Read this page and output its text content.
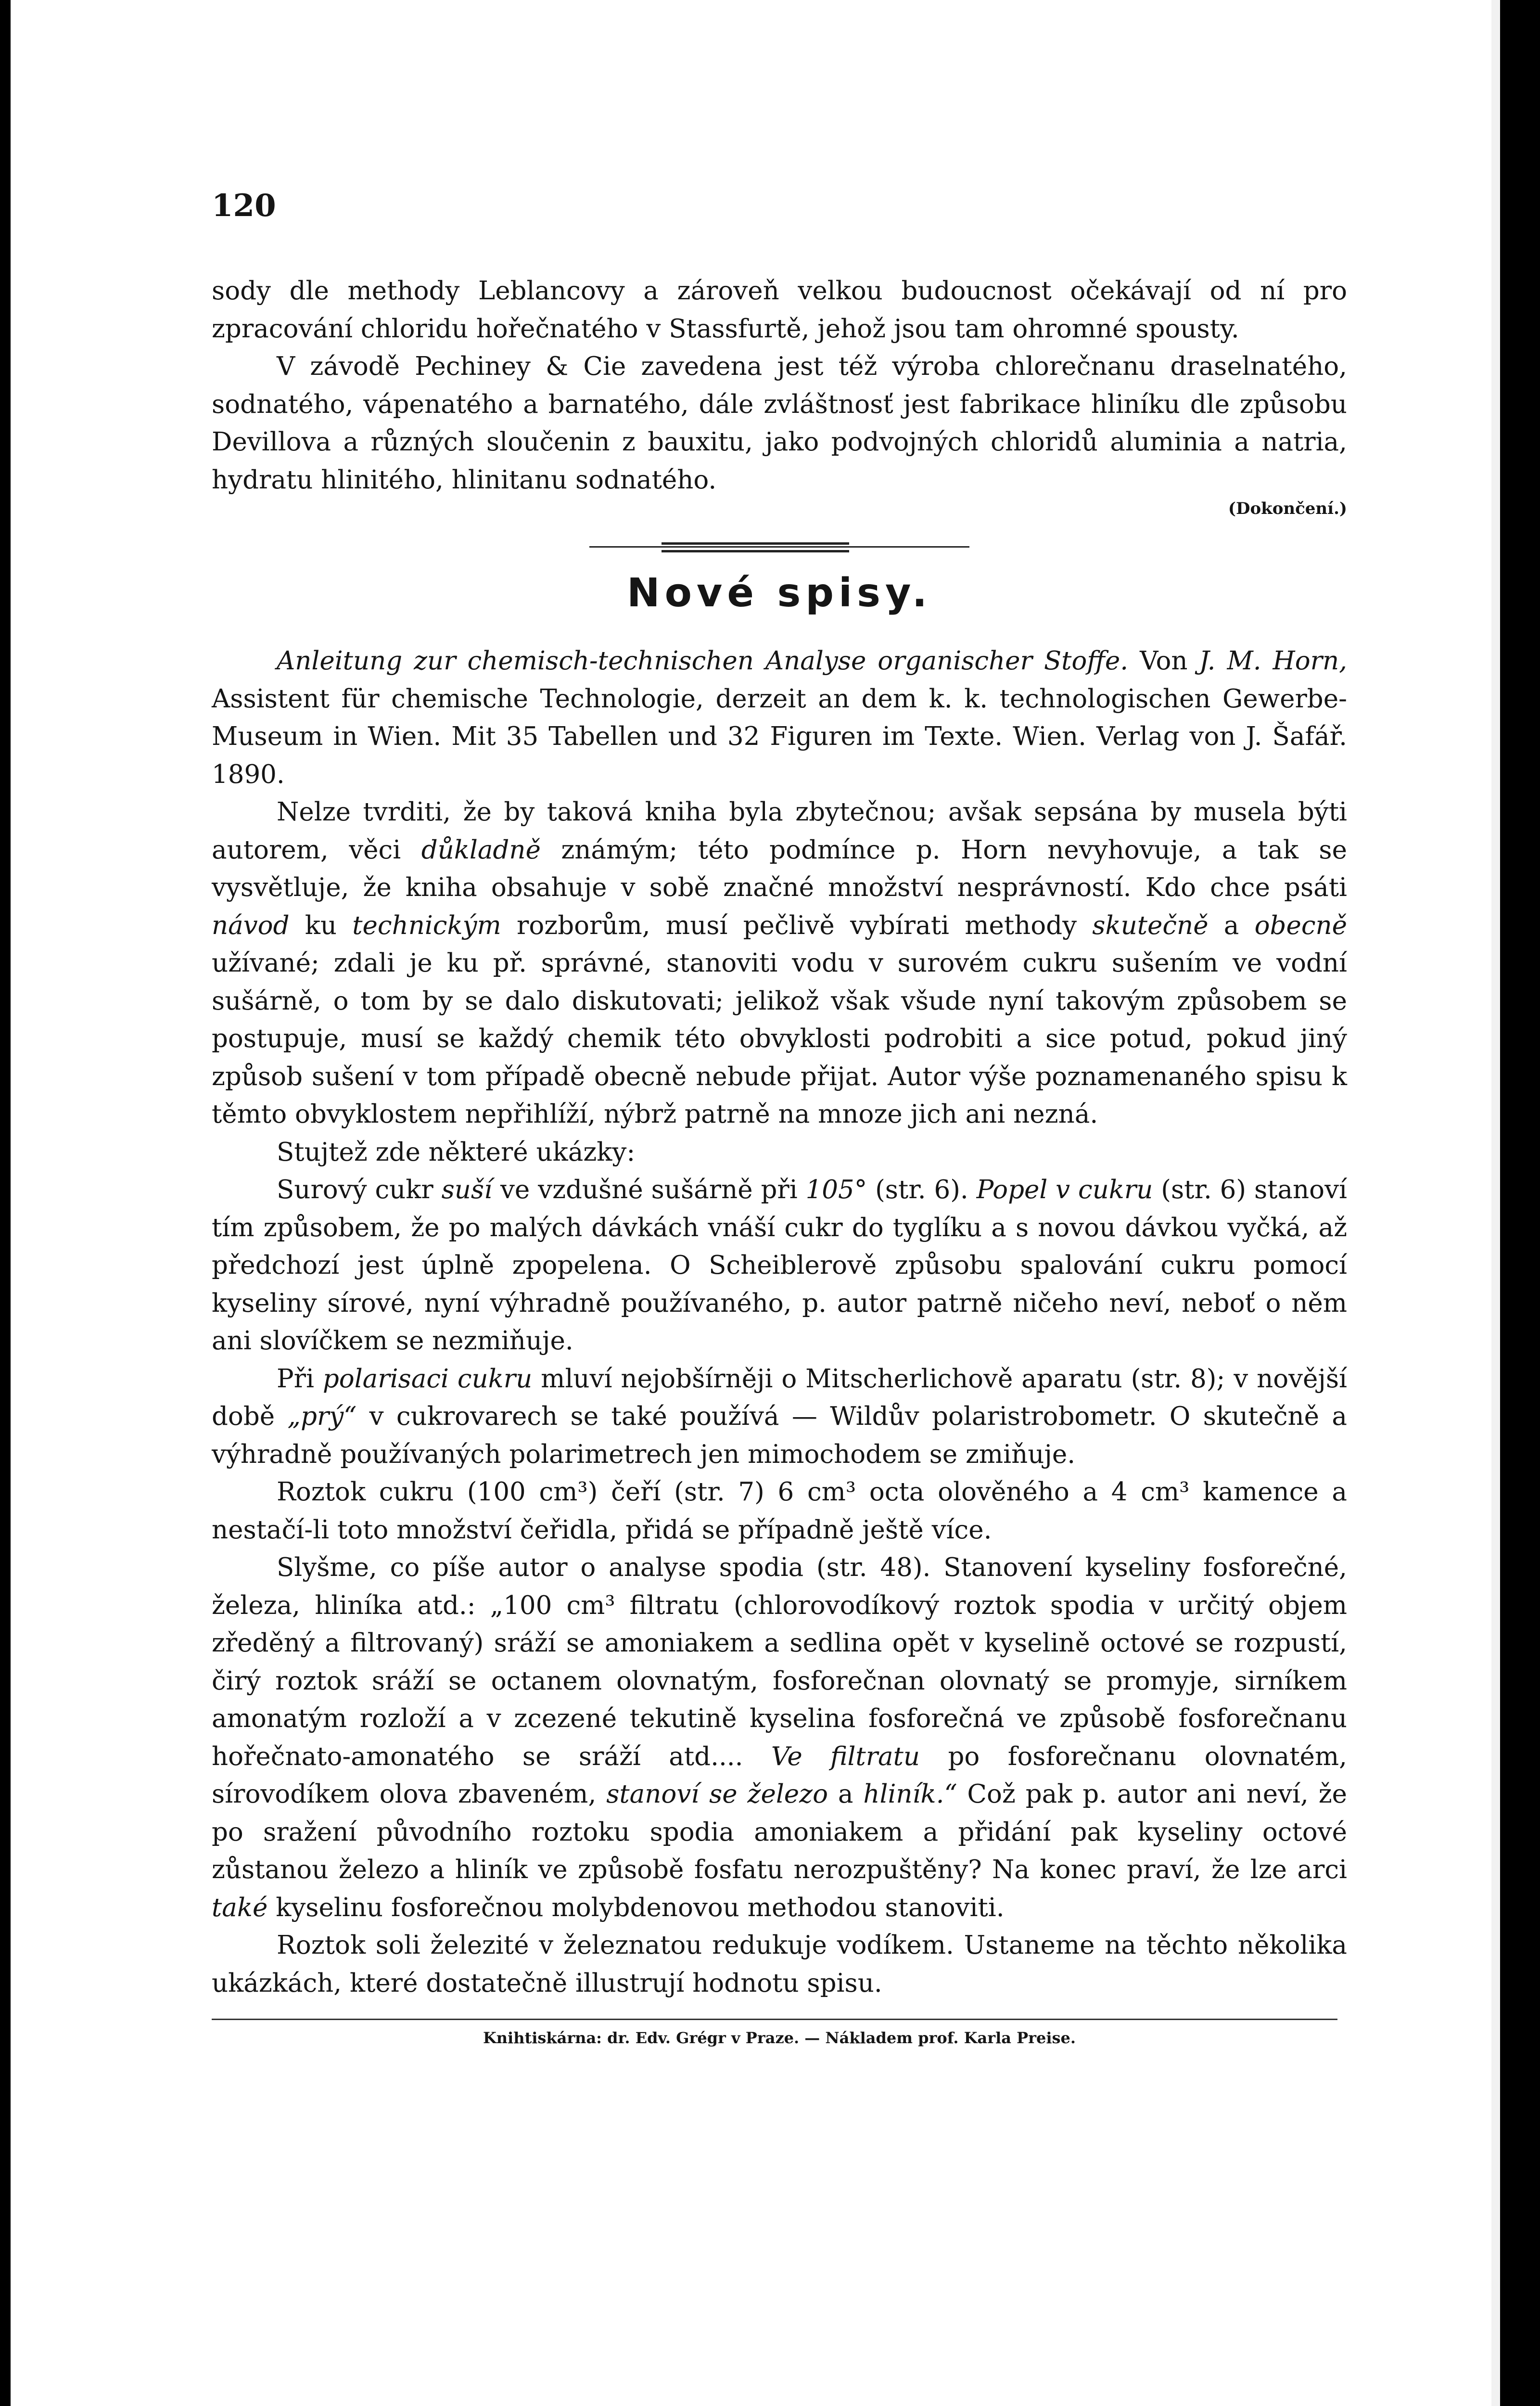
120

sody dle methody Leblancovy a zároveň velkou budoucnost očekávají od ní pro zpracování chloridu hořečnatého v Stassfurtě, jehož jsou tam ohromné spousty.

V závodě Pechiney & Cie zavedena jest též výroba chlorečnanu draselnatého, sodnatého, vápenatého a barnatého, dále zvláštnosť jest fabrikace hliníku dle způsobu Devillova a různých sloučenin z bauxitu, jako podvojných chloridů aluminia a natria, hydratu hlinitého, hlinitanu sodnatého.

(Dokončení.)

Nové spisy.

Anleitung zur chemisch-technischen Analyse organischer Stoffe. Von J. M. Horn, Assistent für chemische Technologie, derzeit an dem k. k. technologischen Gewerbe-Museum in Wien. Mit 35 Tabellen und 32 Figuren im Texte. Wien. Verlag von J. Šafář. 1890.

Nelze tvrditi, že by taková kniha byla zbytečnou; avšak sepsána by musela býti autorem, věci důkladně známým; této podmínce p. Horn nevyhovuje, a tak se vysvětluje, že kniha obsahuje v sobě značné množství nesprávností. Kdo chce psáti návod ku technickým rozborům, musí pečlivě vybírati methody skutečně a obecně užívané; zdali je ku př. správné, stanoviti vodu v surovém cukru sušením ve vodní sušárně, o tom by se dalo diskutovati; jelikož však všude nyní takovým způsobem se postupuje, musí se každý chemik této obvyklosti podrobiti a sice potud, pokud jiný způsob sušení v tom případě obecně nebude přijat. Autor výše poznamenaného spisu k těmto obvyklostem nepřihlíží, nýbrž patrně na mnoze jich ani nezná.

Stujtež zde některé ukázky:

Surový cukr suší ve vzdušné sušárně při 105° (str. 6). Popel v cukru (str. 6) stanoví tím způsobem, že po malých dávkách vnáší cukr do tyglíku a s novou dávkou vyčká, až předchozí jest úplně zpopelena. O Scheiblerově způsobu spalování cukru pomocí kyseliny sírové, nyní výhradně používaného, p. autor patrně ničeho neví, neboť o něm ani slovíčkem se nezmiňuje.

Při polarisaci cukru mluví nejobšírněji o Mitscherlichově aparatu (str. 8); v novější době „prý“ v cukrovarech se také používá — Wildův polaristrobometr. O skutečně a výhradně používaných polarimetrech jen mimochodem se zmiňuje.

Roztok cukru (100 cm³) čeří (str. 7) 6 cm³ octa olověného a 4 cm³ kamence a nestačí-li toto množství čeřidla, přidá se případně ještě více.

Slyšme, co píše autor o analyse spodia (str. 48). Stanovení kyseliny fosforečné, železa, hliníka atd.: „100 cm³ filtratu (chlorovodíkový roztok spodia v určitý objem zředěný a filtrovaný) sráží se amoniakem a sedlina opět v kyselině octové se rozpustí, čirý roztok sráží se octanem olovnatým, fosforečnan olovnatý se promyje, sirníkem amonatým rozloží a v zcezené tekutině kyselina fosforečná ve způsobě fosforečnanu hořečnato-amonatého se sráží atd.... Ve filtratu po fosforečnanu olovnatém, sírovodíkem olova zbaveném, stanoví se železo a hliník.“ Což pak p. autor ani neví, že po sražení původního roztoku spodia amoniakem a přidání pak kyseliny octové zůstanou železo a hliník ve způsobě fosfatu nerozpuštěny? Na konec praví, že lze arci také kyselinu fosforečnou molybdenovou methodou stanoviti.

Roztok soli železité v železnatou redukuje vodíkem. Ustaneme na těchto několika ukázkách, které dostatečně illustrují hodnotu spisu.

Knihtiskárna: dr. Edv. Grégr v Praze. — Nákladem prof. Karla Preise.
